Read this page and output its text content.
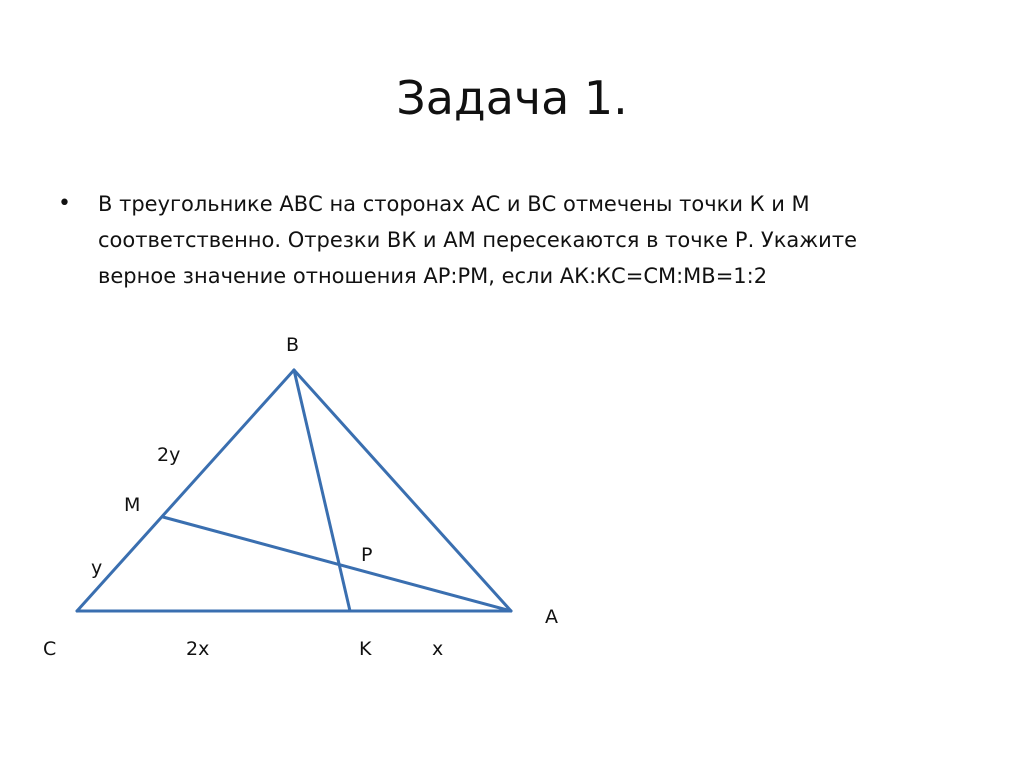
Задача 1.
• В треугольнике АВС на сторонах АС и ВС отмечены точки К и М
соответственно. Отрезки ВК и АМ пересекаются в точке Р. Укажите
верное значение отношения АР:РМ, если АК:КС=СМ:МВ=1:2

B
2y
M
y
P
A
C	2x	K	x
